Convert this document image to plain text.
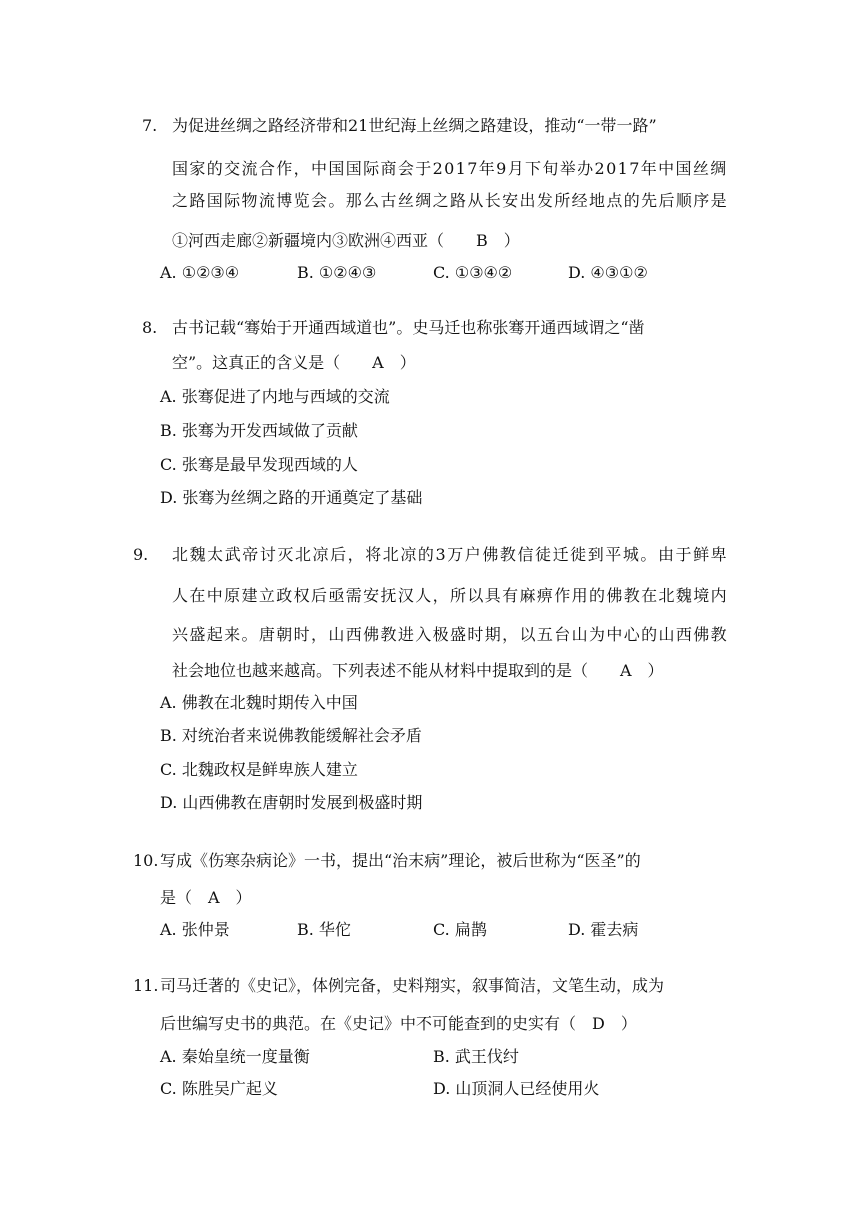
7. 为促进丝绸之路经济带和21世纪海上丝绸之路建设，推动“一带一路”
国家的交流合作，中国国际商会于2017年9月下旬举办2017年中国丝绸
之路国际物流博览会。那么古丝绸之路从长安出发所经地点的先后顺序是
①河西走廊②新疆境内③欧洲④西亚（　　B　）
A. ①②③④	B. ①②④③	C. ①③④②	D. ④③①②
8. 古书记载“骞始于开通西域道也”。史马迁也称张骞开通西域谓之“凿
空”。这真正的含义是（　　A　）
A. 张骞促进了内地与西域的交流
B. 张骞为开发西域做了贡献
C. 张骞是最早发现西域的人
D. 张骞为丝绸之路的开通奠定了基础
9. 北魏太武帝讨灭北凉后，将北凉的3万户佛教信徒迁徙到平城。由于鲜卑
人在中原建立政权后亟需安抚汉人，所以具有麻痹作用的佛教在北魏境内
兴盛起来。唐朝时，山西佛教进入极盛时期，以五台山为中心的山西佛教
社会地位也越来越高。下列表述不能从材料中提取到的是（　　A　）
A. 佛教在北魏时期传入中国
B. 对统治者来说佛教能缓解社会矛盾
C. 北魏政权是鲜卑族人建立
D. 山西佛教在唐朝时发展到极盛时期
10. 写成《伤寒杂病论》一书，提出“治末病”理论，被后世称为“医圣”的
是（　A　）
A. 张仲景	B. 华佗	C. 扁鹊	D. 霍去病
11. 司马迁著的《史记》，体例完备，史料翔实，叙事简洁，文笔生动，成为
后世编写史书的典范。在《史记》中不可能查到的史实有（　D　）
A. 秦始皇统一度量衡	B. 武王伐纣
C. 陈胜吴广起义	D. 山顶洞人已经使用火
